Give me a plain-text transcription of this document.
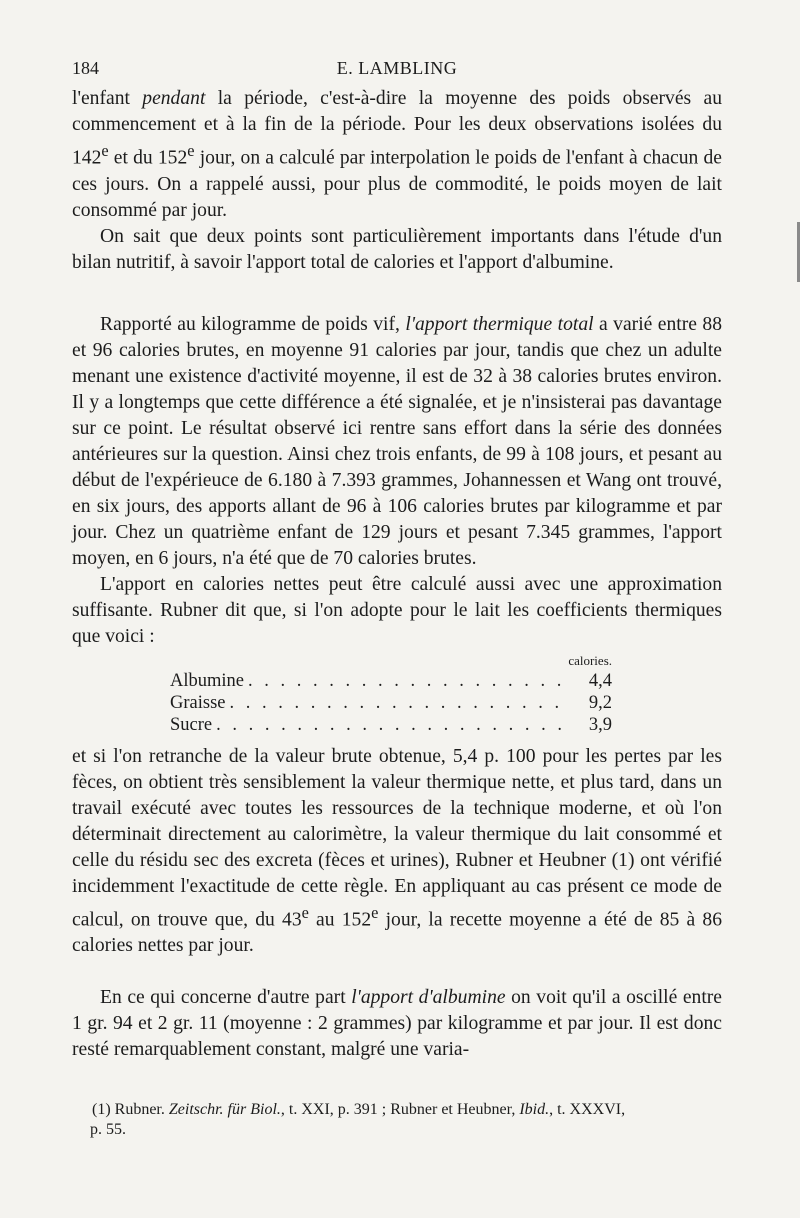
184	E. LAMBLING

l'enfant pendant la période, c'est-à-dire la moyenne des poids observés au commencement et à la fin de la période. Pour les deux observations isolées du 142e et du 152e jour, on a calculé par interpolation le poids de l'enfant à chacun de ces jours. On a rappelé aussi, pour plus de commodité, le poids moyen de lait consommé par jour.

On sait que deux points sont particulièrement importants dans l'étude d'un bilan nutritif, à savoir l'apport total de calories et l'apport d'albumine.

Rapporté au kilogramme de poids vif, l'apport thermique total a varié entre 88 et 96 calories brutes, en moyenne 91 calories par jour, tandis que chez un adulte menant une existence d'activité moyenne, il est de 32 à 38 calories brutes environ. Il y a longtemps que cette différence a été signalée, et je n'insisterai pas davantage sur ce point. Le résultat observé ici rentre sans effort dans la série des données antérieures sur la question. Ainsi chez trois enfants, de 99 à 108 jours, et pesant au début de l'expérieuce de 6.180 à 7.393 grammes, Johannessen et Wang ont trouvé, en six jours, des apports allant de 96 à 106 calories brutes par kilogramme et par jour. Chez un quatrième enfant de 129 jours et pesant 7.345 grammes, l'apport moyen, en 6 jours, n'a été que de 70 calories brutes.

L'apport en calories nettes peut être calculé aussi avec une approximation suffisante. Rubner dit que, si l'on adopte pour le lait les coefficients thermiques que voici :

calories.
Albumine . . .	4,4
Graisse . . .	9,2
Sucre . . .	3,9

et si l'on retranche de la valeur brute obtenue, 5,4 p. 100 pour les pertes par les fèces, on obtient très sensiblement la valeur thermique nette, et plus tard, dans un travail exécuté avec toutes les ressources de la technique moderne, et où l'on déterminait directement au calorimètre, la valeur thermique du lait consommé et celle du résidu sec des excreta (fèces et urines), Rubner et Heubner (1) ont vérifié incidemment l'exactitude de cette règle. En appliquant au cas présent ce mode de calcul, on trouve que, du 43e au 152e jour, la recette moyenne a été de 85 à 86 calories nettes par jour.

En ce qui concerne d'autre part l'apport d'albumine on voit qu'il a oscillé entre 1 gr. 94 et 2 gr. 11 (moyenne : 2 grammes) par kilogramme et par jour. Il est donc resté remarquablement constant, malgré une varia-

(1) Rubner. Zeitschr. für Biol., t. XXI, p. 391 ; Rubner et Heubner, Ibid., t. XXXVI,
p. 55.
